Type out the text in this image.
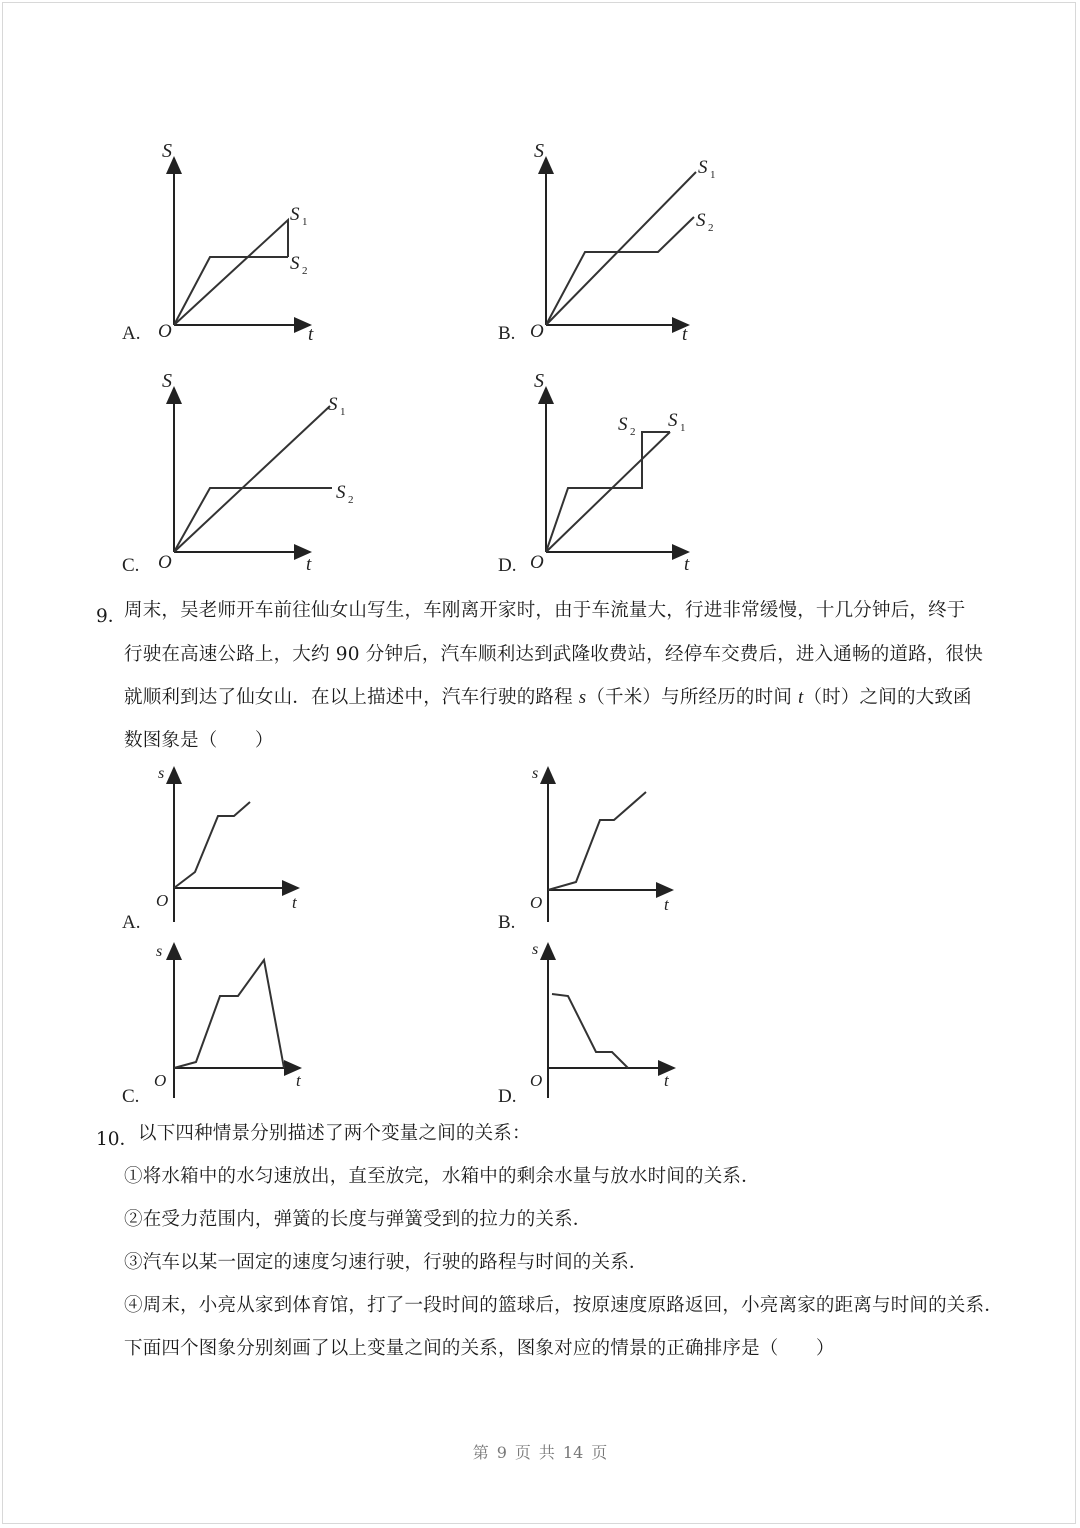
S
t
O
S 1
S 2
A.
S
t
O
S 1
S 2
B.
S
t
O
S 1
S 2
C.
S
t
O
S 2
S 1
D.
9．
周末，吴老师开车前往仙女山写生，车刚离开家时，由于车流量大，行进非常缓慢，十几分钟后，终于
行驶在高速公路上，大约 90 分钟后，汽车顺利达到武隆收费站，经停车交费后，进入通畅的道路，很快
就顺利到达了仙女山．在以上描述中，汽车行驶的路程 s（千米）与所经历的时间 t（时）之间的大致函
数图象是（　　）
s
t
O
A.
s
t
O
B.
s
t
O
C.
s
t
O
D.
10． 以下四种情景分别描述了两个变量之间的关系：
①将水箱中的水匀速放出，直至放完，水箱中的剩余水量与放水时间的关系．
②在受力范围内，弹簧的长度与弹簧受到的拉力的关系．
③汽车以某一固定的速度匀速行驶，行驶的路程与时间的关系．
④周末，小亮从家到体育馆，打了一段时间的篮球后，按原速度原路返回，小亮离家的距离与时间的关系．
下面四个图象分别刻画了以上变量之间的关系，图象对应的情景的正确排序是（　　）
第 9 页 共 14 页
